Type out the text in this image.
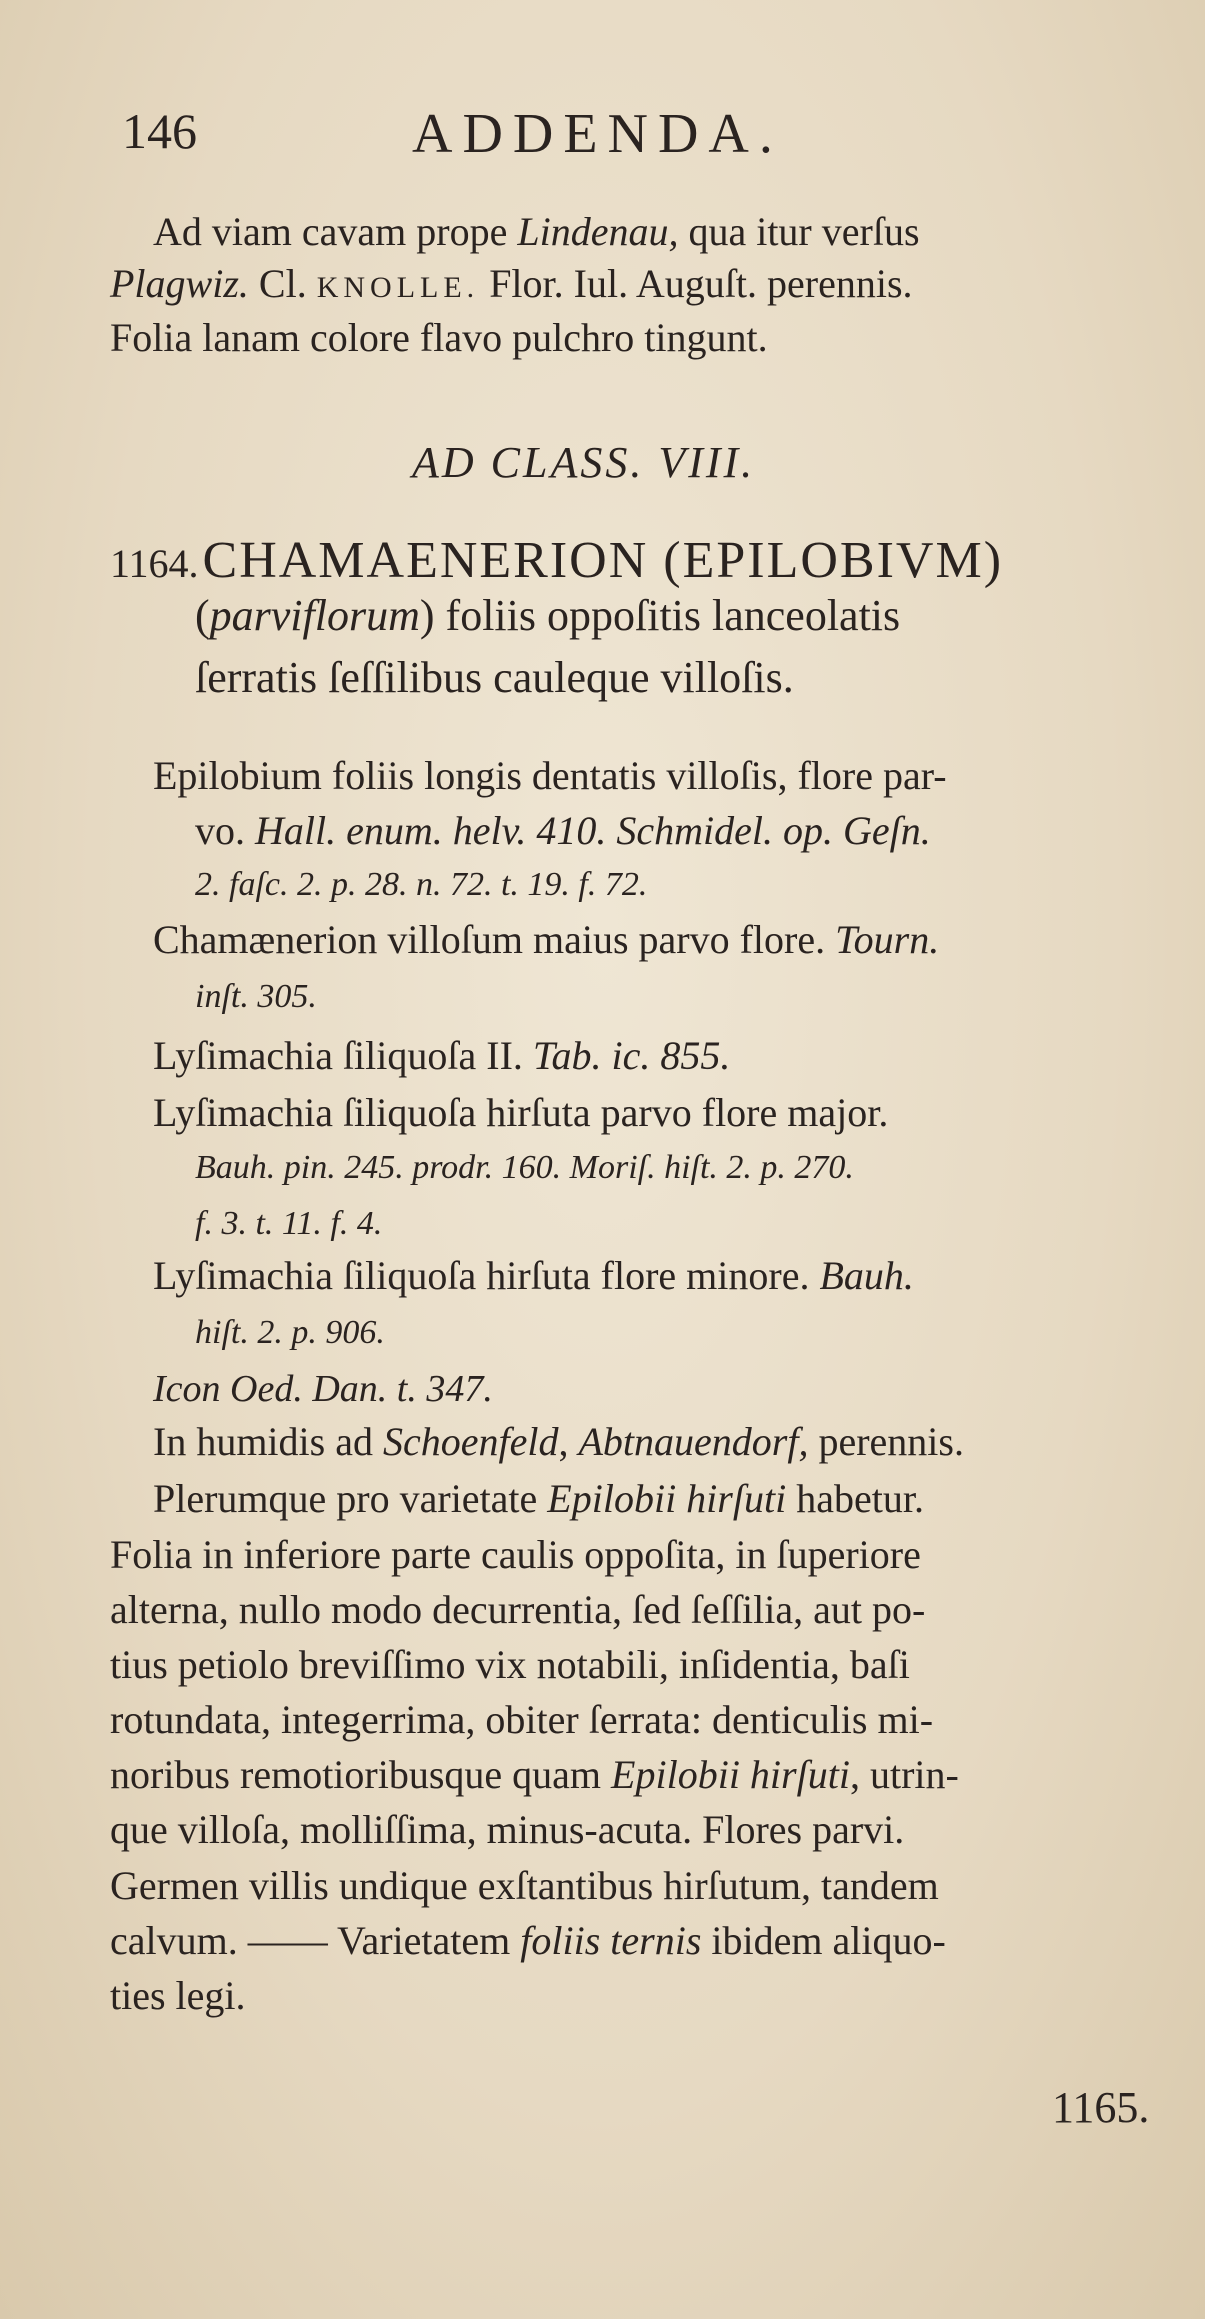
146	ADDENDA.
Ad viam cavam prope Lindenau, qua itur verſus
Plagwiz. Cl. KNOLLE. Flor. Iul. Auguſt. perennis.
Folia lanam colore flavo pulchro tingunt.
AD CLASS. VIII.
1164. CHAMAENERION (EPILOBIVM)
(parviflorum) foliis oppoſitis lanceolatis
ſerratis ſeſſilibus cauleque villoſis.
Epilobium foliis longis dentatis villoſis, flore par-
vo. Hall. enum. helv. 410. Schmidel. op. Geſn.
2. faſc. 2. p. 28. n. 72. t. 19. f. 72.
Chamænerion villoſum maius parvo flore. Tourn.
inſt. 305.
Lyſimachia ſiliquoſa II. Tab. ic. 855.
Lyſimachia ſiliquoſa hirſuta parvo flore major.
Bauh. pin. 245. prodr. 160. Moriſ. hiſt. 2. p. 270.
f. 3. t. 11. f. 4.
Lyſimachia ſiliquoſa hirſuta flore minore. Bauh.
hiſt. 2. p. 906.
Icon Oed. Dan. t. 347.
In humidis ad Schoenfeld, Abtnauendorf, perennis.
Plerumque pro varietate Epilobii hirſuti habetur.
Folia in inferiore parte caulis oppoſita, in ſuperiore
alterna, nullo modo decurrentia, ſed ſeſſilia, aut po-
tius petiolo breviſſimo vix notabili, inſidentia, baſi
rotundata, integerrima, obiter ſerrata: denticulis mi-
noribus remotioribusque quam Epilobii hirſuti, utrin-
que villoſa, molliſſima, minus-acuta. Flores parvi.
Germen villis undique exſtantibus hirſutum, tandem
calvum. —— Varietatem foliis ternis ibidem aliquo-
ties legi.
1165.
